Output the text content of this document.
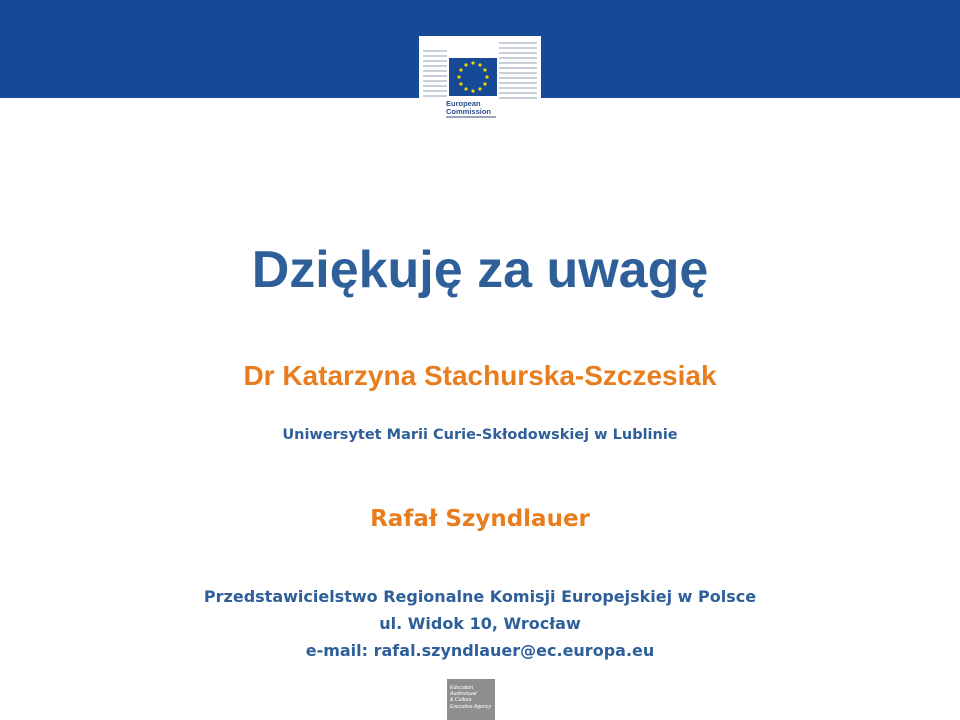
European
Commission
Dziękuję za uwagę

Dr Katarzyna Stachurska-Szczesiak

Uniwersytet Marii Curie-Skłodowskiej w Lublinie

Rafał Szyndlauer

Przedstawicielstwo Regionalne Komisji Europejskiej w Polsce
ul. Widok 10, Wrocław
e-mail: rafal.szyndlauer@ec.europa.eu
Education,
Audiovisual
& Culture
Executive Agency
